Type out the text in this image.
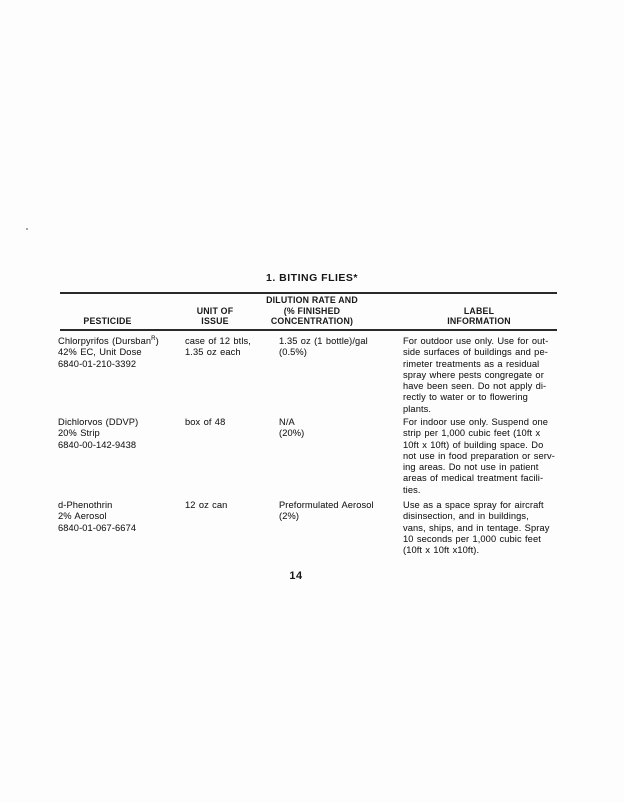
1. BITING FLIES*
PESTICIDE
UNIT OF
ISSUE
DILUTION RATE AND
(% FINISHED
CONCENTRATION)
LABEL
INFORMATION
Chlorpyrifos (Dursban$^R$)
42% EC, Unit Dose
6840-01-210-3392
case of 12 btls,
1.35 oz each
1.35 oz (1 bottle)/gal
(0.5%)
For outdoor use only. Use for out-
side surfaces of buildings and pe-
rimeter treatments as a residual
spray where pests congregate or
have been seen. Do not apply di-
rectly to water or to flowering
plants.
Dichlorvos (DDVP)
20% Strip
6840-00-142-9438
box of 48	N/A
(20%)
For indoor use only. Suspend one
strip per 1,000 cubic feet (10ft x
10ft x 10ft) of building space. Do
not use in food preparation or serv-
ing areas. Do not use in patient
areas of medical treatment facili-
ties.
d-Phenothrin
2% Aerosol
6840-01-067-6674
12 oz can	Preformulated Aerosol
(2%)
Use as a space spray for aircraft
disinsection, and in buildings,
vans, ships, and in tentage. Spray
10 seconds per 1,000 cubic feet
(10ft x 10ft x10ft).
14
